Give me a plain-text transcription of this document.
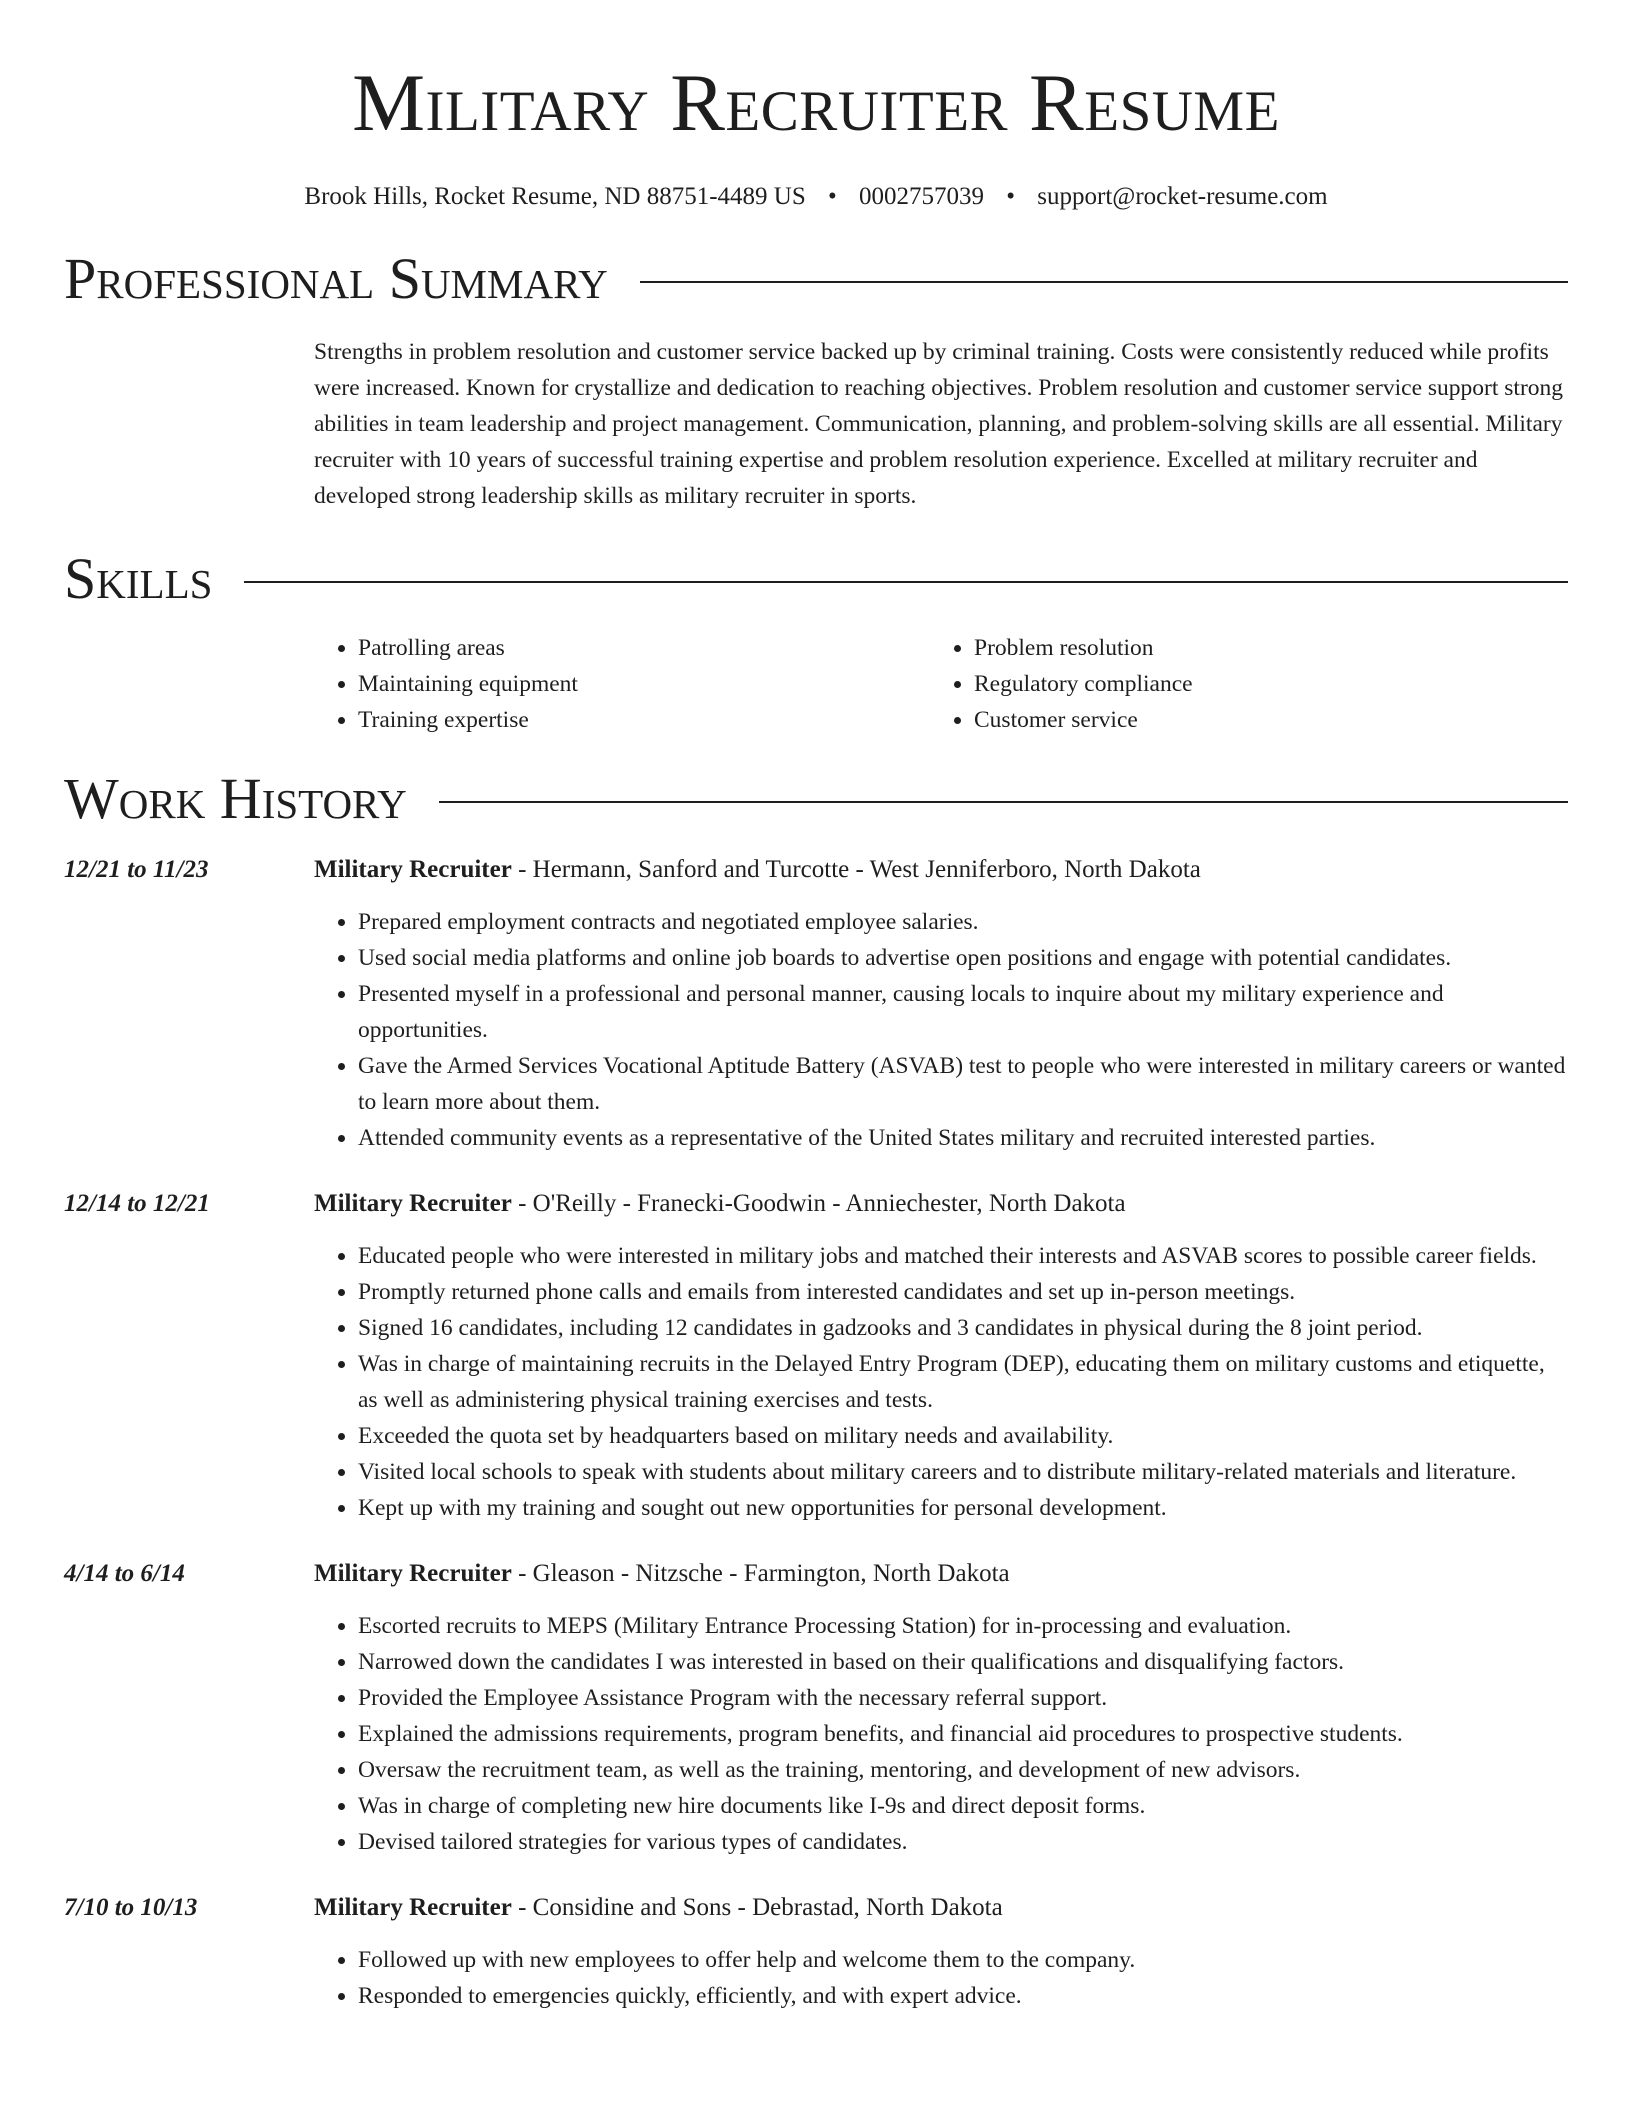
Military Recruiter Resume
Brook Hills, Rocket Resume, ND 88751-4489 US • 0002757039 • support@rocket-resume.com
Professional Summary
Strengths in problem resolution and customer service backed up by criminal training. Costs were consistently reduced while profits were increased. Known for crystallize and dedication to reaching objectives. Problem resolution and customer service support strong abilities in team leadership and project management. Communication, planning, and problem-solving skills are all essential. Military recruiter with 10 years of successful training expertise and problem resolution experience. Excelled at military recruiter and developed strong leadership skills as military recruiter in sports.
Skills
• Patrolling areas
• Maintaining equipment
• Training expertise
• Problem resolution
• Regulatory compliance
• Customer service
Work History
12/21 to 11/23	Military Recruiter - Hermann, Sanford and Turcotte - West Jenniferboro, North Dakota
• Prepared employment contracts and negotiated employee salaries.
• Used social media platforms and online job boards to advertise open positions and engage with potential candidates.
• Presented myself in a professional and personal manner, causing locals to inquire about my military experience and opportunities.
• Gave the Armed Services Vocational Aptitude Battery (ASVAB) test to people who were interested in military careers or wanted to learn more about them.
• Attended community events as a representative of the United States military and recruited interested parties.
12/14 to 12/21	Military Recruiter - O'Reilly - Franecki-Goodwin - Anniechester, North Dakota
• Educated people who were interested in military jobs and matched their interests and ASVAB scores to possible career fields.
• Promptly returned phone calls and emails from interested candidates and set up in-person meetings.
• Signed 16 candidates, including 12 candidates in gadzooks and 3 candidates in physical during the 8 joint period.
• Was in charge of maintaining recruits in the Delayed Entry Program (DEP), educating them on military customs and etiquette, as well as administering physical training exercises and tests.
• Exceeded the quota set by headquarters based on military needs and availability.
• Visited local schools to speak with students about military careers and to distribute military-related materials and literature.
• Kept up with my training and sought out new opportunities for personal development.
4/14 to 6/14	Military Recruiter - Gleason - Nitzsche - Farmington, North Dakota
• Escorted recruits to MEPS (Military Entrance Processing Station) for in-processing and evaluation.
• Narrowed down the candidates I was interested in based on their qualifications and disqualifying factors.
• Provided the Employee Assistance Program with the necessary referral support.
• Explained the admissions requirements, program benefits, and financial aid procedures to prospective students.
• Oversaw the recruitment team, as well as the training, mentoring, and development of new advisors.
• Was in charge of completing new hire documents like I-9s and direct deposit forms.
• Devised tailored strategies for various types of candidates.
7/10 to 10/13	Military Recruiter - Considine and Sons - Debrastad, North Dakota
• Followed up with new employees to offer help and welcome them to the company.
• Responded to emergencies quickly, efficiently, and with expert advice.
